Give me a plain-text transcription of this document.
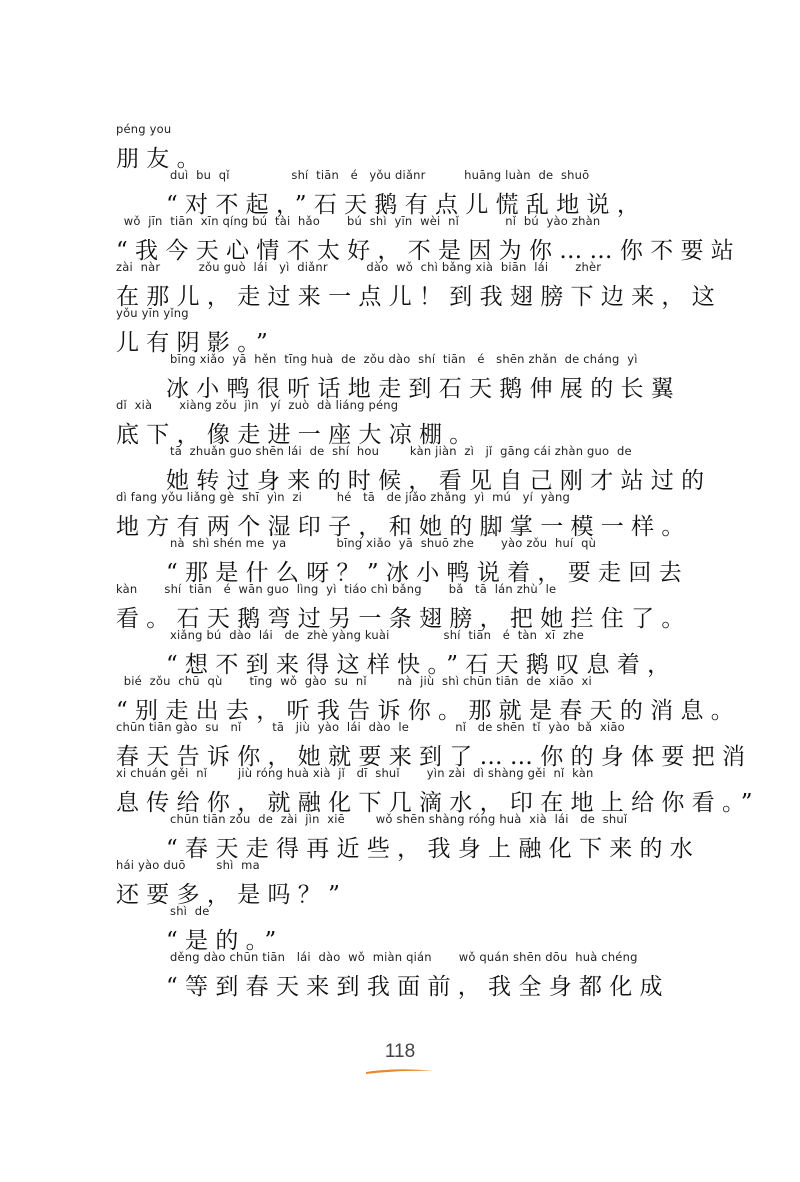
péng you
朋友。
duì  bu  qǐ                shí  tiān   é   yǒu diǎnr          huāng luàn  de  shuō
“对不起，”石天鹅有点儿慌乱地说，
wǒ  jīn  tiān  xīn qíng bú  tài  hǎo       bú  shì  yīn  wèi  nǐ            nǐ  bú  yào zhàn
“我今天心情不太好，不是因为你……你不要站
zài  nàr          zǒu guò  lái   yì  diǎnr          dào  wǒ  chì bǎng xià  biān  lái       zhèr
在那儿，走过来一点儿！到我翅膀下边来，这
yǒu yīn yǐng
儿有阴影。”
bīng xiǎo  yā  hěn  tīng huà  de  zǒu dào  shí  tiān   é   shēn zhǎn  de cháng  yì
冰小鸭很听话地走到石天鹅伸展的长翼
dǐ  xià       xiàng zǒu  jìn   yí  zuò  dà liáng péng
底下，像走进一座大凉棚。
tā  zhuǎn guo shēn lái  de  shí  hou        kàn jiàn  zì   jǐ  gāng cái zhàn guo  de
她转过身来的时候，看见自己刚才站过的
dì fang yǒu liǎng gè  shī  yìn  zi         hé   tā   de jiǎo zhǎng  yì  mú   yí  yàng
地方有两个湿印子，和她的脚掌一模一样。
nà  shì shén me  ya             bīng xiǎo  yā  shuō zhe       yào zǒu  huí  qù
“那是什么呀？”冰小鸭说着，要走回去
kàn       shí  tiān   é  wān guo  lìng  yì  tiáo chì bǎng       bǎ   tā  lán zhù  le
看。石天鹅弯过另一条翅膀，把她拦住了。
xiǎng bú  dào  lái   de  zhè yàng kuài              shí  tiān   é  tàn  xī  zhe
“想不到来得这样快。”石天鹅叹息着，
bié  zǒu  chū  qù       tīng  wǒ  gào  su  nǐ        nà  jiù  shì chūn tiān  de  xiāo  xi
“别走出去，听我告诉你。那就是春天的消息。
chūn tiān gào  su   nǐ        tā   jiù  yào  lái  dào  le            nǐ   de shēn  tǐ  yào  bǎ  xiāo
春天告诉你，她就要来到了……你的身体要把消
xi chuán gěi  nǐ        jiù róng huà xià  jǐ   dī  shuǐ       yìn zài  dì shàng gěi  nǐ  kàn
息传给你，就融化下几滴水，印在地上给你看。”
chūn tiān zǒu  de  zài  jìn  xiē        wǒ shēn shàng róng huà  xià  lái   de  shuǐ
“春天走得再近些，我身上融化下来的水
hái yào duō        shì  ma
还要多，是吗？”
shì  de
“是的。”
děng dào chūn tiān   lái  dào  wǒ  miàn qián       wǒ quán shēn dōu  huà chéng
“等到春天来到我面前，我全身都化成
118
